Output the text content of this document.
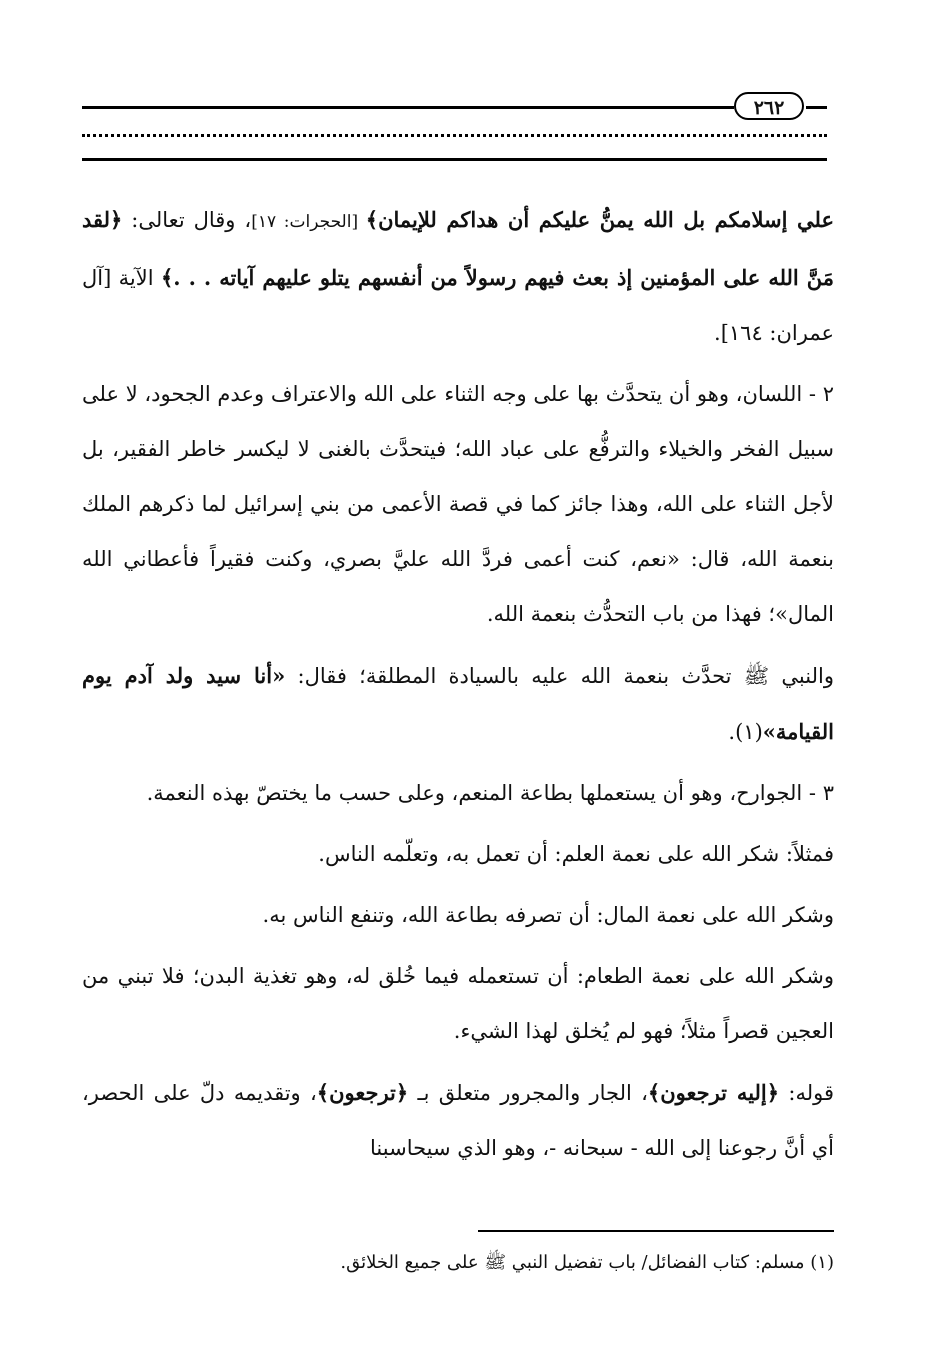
٢٦٢

علي إسلامكم بل الله يمنُّ عليكم أن هداكم للإيمان﴾ [الحجرات: ١٧]، وقال تعالى: ﴿لقد مَنَّ الله على المؤمنين إذ بعث فيهم رسولاً من أنفسهم يتلو عليهم آياته . . .﴾ الآية [آل عمران: ١٦٤].

٢ - اللسان، وهو أن يتحدَّث بها على وجه الثناء على الله والاعتراف وعدم الجحود، لا على سبيل الفخر والخيلاء والترفُّع على عباد الله؛ فيتحدَّث بالغنى لا ليكسر خاطر الفقير، بل لأجل الثناء على الله، وهذا جائز كما في قصة الأعمى من بني إسرائيل لما ذكرهم الملك بنعمة الله، قال: «نعم، كنت أعمى فردَّ الله عليَّ بصري، وكنت فقيراً فأعطاني الله المال»؛ فهذا من باب التحدُّث بنعمة الله.

والنبي ﷺ تحدَّث بنعمة الله عليه بالسيادة المطلقة؛ فقال: «أنا سيد ولد آدم يوم القيامة»(١).

٣ - الجوارح، وهو أن يستعملها بطاعة المنعم، وعلى حسب ما يختصّ بهذه النعمة.

فمثلاً: شكر الله على نعمة العلم: أن تعمل به، وتعلّمه الناس.

وشكر الله على نعمة المال: أن تصرفه بطاعة الله، وتنفع الناس به.

وشكر الله على نعمة الطعام: أن تستعمله فيما خُلق له، وهو تغذية البدن؛ فلا تبني من العجين قصراً مثلاً؛ فهو لم يُخلق لهذا الشيء.

قوله: ﴿إليه ترجعون﴾، الجار والمجرور متعلق بـ ﴿ترجعون﴾، وتقديمه دلّ على الحصر، أي أنَّ رجوعنا إلى الله - سبحانه -، وهو الذي سيحاسبنا

(١) مسلم: كتاب الفضائل/ باب تفضيل النبي ﷺ على جميع الخلائق.
